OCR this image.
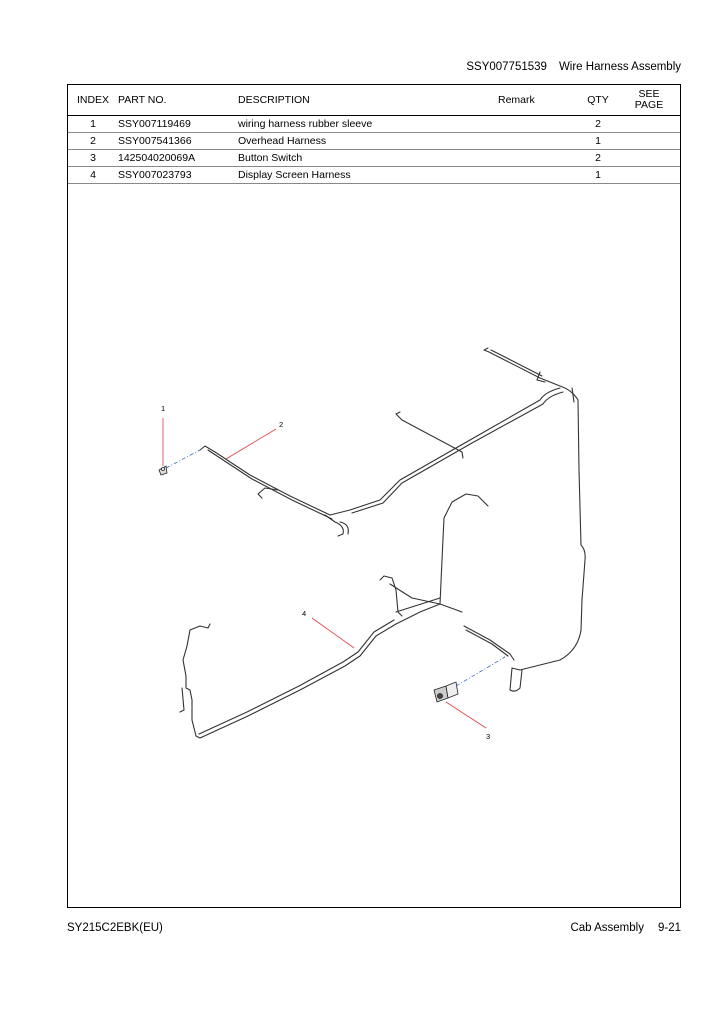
SSY007751539 Wire Harness Assembly
INDEX	PART NO.	DESCRIPTION	Remark	QTY	SEE
PAGE

1	SSY007119469	wiring harness rubber sleeve		2	
2	SSY007541366	Overhead Harness		1	
3	142504020069A	Button Switch		2	
4	SSY007023793	Display Screen Harness		1	
1
2
3
4
SY215C2EBK(EU)	Cab Assembly 9-21
